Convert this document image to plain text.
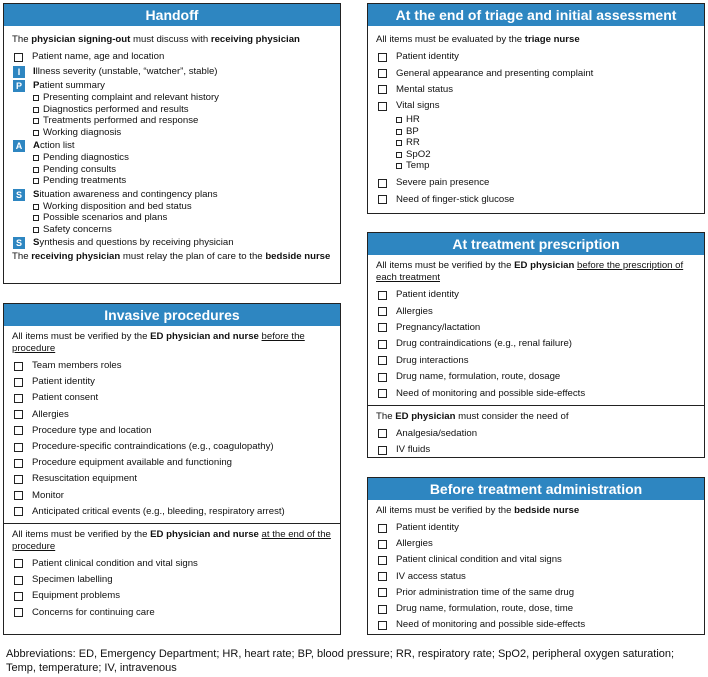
Handoff
The physician signing-out must discuss with receiving physician
Patient name, age and location
I	Illness severity (unstable, “watcher”, stable)
P	Patient summary
Presenting complaint and relevant history
Diagnostics performed and results
Treatments performed and response
Working diagnosis
A Action list
Pending diagnostics
Pending consults
Pending treatments
S	Situation awareness and contingency plans
Working disposition and bed status
Possible scenarios and plans
Safety concerns
S	Synthesis and questions by receiving physician
The receiving physician must relay the plan of care to the bedside nurse
Invasive procedures
All items must be verified by the ED physician and nurse before the procedure
Team members roles
Patient identity
Patient consent
Allergies
Procedure type and location
Procedure-specific contraindications (e.g., coagulopathy)
Procedure equipment available and functioning
Resuscitation equipment
Monitor
Anticipated critical events (e.g., bleeding, respiratory arrest)
All items must be verified by the ED physician and nurse at the end of the procedure
Patient clinical condition and vital signs
Specimen labelling
Equipment problems
Concerns for continuing care
At the end of triage and initial assessment
All items must be evaluated by the triage nurse
Patient identity
General appearance and presenting complaint
Mental status
Vital signs
HR
BP
RR
SpO2
Temp
Severe pain presence
Need of finger-stick glucose
At treatment prescription
All items must be verified by the ED physician before the prescription of each treatment
Patient identity
Allergies
Pregnancy/lactation
Drug contraindications (e.g., renal failure)
Drug interactions
Drug name, formulation, route, dosage
Need of monitoring and possible side-effects
The ED physician must consider the need of
Analgesia/sedation
IV fluids
Before treatment administration
All items must be verified by the bedside nurse
Patient identity
Allergies
Patient clinical condition and vital signs
IV access status
Prior administration time of the same drug
Drug name, formulation, route, dose, time
Need of monitoring and possible side-effects
Abbreviations: ED, Emergency Department; HR, heart rate; BP, blood pressure; RR, respiratory rate; SpO2, peripheral oxygen saturation; Temp, temperature; IV, intravenous
